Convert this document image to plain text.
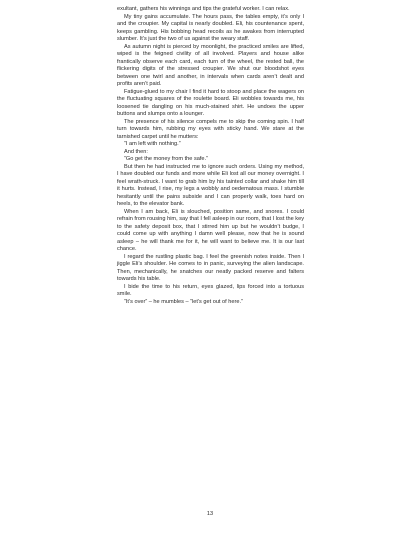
exultant, gathers his winnings and tips the grateful worker. I can relax.

My tiny gains accumulate. The hours pass, the tables empty, it’s only I and the croupier. My capital is nearly doubled. Eli, his countenance spent, keeps gambling. His bobbing head recoils as he awakes from interrupted slumber. It’s just the two of us against the weary staff.

As autumn night is pierced by moonlight, the practiced smiles are lifted, wiped is the feigned civility of all involved. Players and house alike frantically observe each card, each turn of the wheel, the rested ball, the flickering digits of the stressed croupier. We shut our bloodshot eyes between one twirl and another, in intervals when cards aren’t dealt and profits aren’t paid.

Fatigue-glued to my chair I find it hard to stoop and place the wagers on the fluctuating squares of the roulette board. Eli wobbles towards me, his loosened tie dangling on his much-stained shirt. He undoes the upper buttons and slumps onto a lounger.

The presence of his silence compels me to skip the coming spin. I half turn towards him, rubbing my eyes with sticky hand. We stare at the tarnished carpet until he mutters:

“I am left with nothing.”

And then:

“Go get the money from the safe.”

But then he had instructed me to ignore such orders. Using my method, I have doubled our funds and more while Eli lost all our money overnight. I feel wrath-struck. I want to grab him by his tainted collar and shake him till it hurts. Instead, I rise, my legs a wobbly and oedematous mass. I stumble hesitantly until the pains subside and I can properly walk, toes hard on heels, to the elevator bank.

When I am back, Eli is slouched, position same, and snores. I could refrain from rousing him, say that I fell asleep in our room, that I lost the key to the safety deposit box, that I stirred him up but he wouldn’t budge, I could come up with anything I damn well please, now that he is sound asleep – he will thank me for it, he will want to believe me. It is our last chance.

I regard the rustling plastic bag. I feel the greenish notes inside. Then I jiggle Eli’s shoulder. He comes to in panic, surveying the alien landscape. Then, mechanically, he snatches our neatly packed reserve and falters towards his table.

I bide the time to his return, eyes glazed, lips forced into a tortuous smile.

“It’s over” – he mumbles – “let’s get out of here.”

13
